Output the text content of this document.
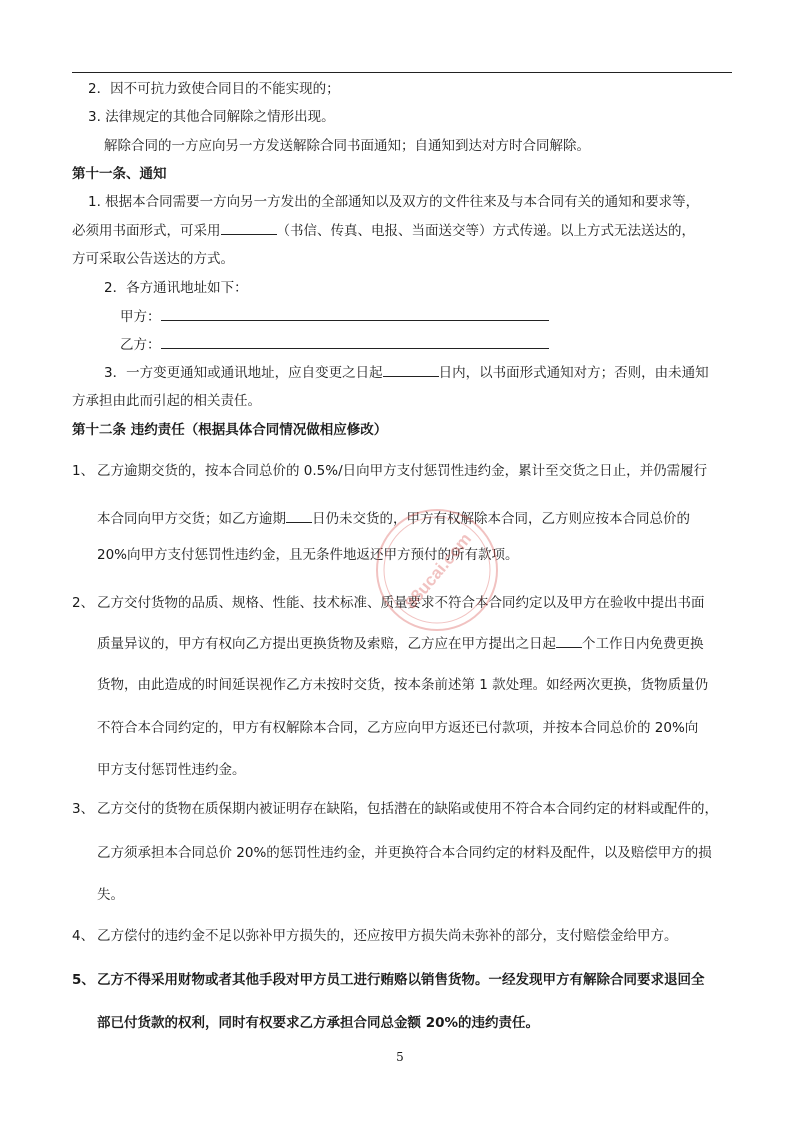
2．因不可抗力致使合同目的不能实现的；
3. 法律规定的其他合同解除之情形出现。
解除合同的一方应向另一方发送解除合同书面通知；自通知到达对方时合同解除。
第十一条、通知
1. 根据本合同需要一方向另一方发出的全部通知以及双方的文件往来及与本合同有关的通知和要求等，
必须用书面形式，可采用	（书信、传真、电报、当面送交等）方式传递。以上方式无法送达的，
方可采取公告送达的方式。
2．各方通讯地址如下：
甲方：
乙方：
3．一方变更通知或通讯地址，应自变更之日起	日内，以书面形式通知对方；否则，由未通知
方承担由此而引起的相关责任。
第十二条 违约责任（根据具体合同情况做相应修改）
1、 乙方逾期交货的，按本合同总价的 0.5%/日向甲方支付惩罚性违约金，累计至交货之日止，并仍需履行
本合同向甲方交货；如乙方逾期 日仍未交货的，甲方有权解除本合同，乙方则应按本合同总价的
20%向甲方支付惩罚性违约金，且无条件地返还甲方预付的所有款项。
2、 乙方交付货物的品质、规格、性能、技术标准、质量要求不符合本合同约定以及甲方在验收中提出书面
质量异议的，甲方有权向乙方提出更换货物及索赔，乙方应在甲方提出之日起 个工作日内免费更换
货物，由此造成的时间延误视作乙方未按时交货，按本条前述第 1 款处理。如经两次更换，货物质量仍
不符合本合同约定的，甲方有权解除本合同，乙方应向甲方返还已付款项，并按本合同总价的 20%向
甲方支付惩罚性违约金。
3、 乙方交付的货物在质保期内被证明存在缺陷，包括潜在的缺陷或使用不符合本合同约定的材料或配件的，
乙方须承担本合同总价 20%的惩罚性违约金，并更换符合本合同约定的材料及配件，以及赔偿甲方的损
失。
4、 乙方偿付的违约金不足以弥补甲方损失的，还应按甲方损失尚未弥补的部分，支付赔偿金给甲方。
5、 乙方不得采用财物或者其他手段对甲方员工进行贿赂以销售货物。一经发现甲方有解除合同要求退回全
部已付货款的权利，同时有权要求乙方承担合同总金额 20%的违约责任。
88ucai.com
5
